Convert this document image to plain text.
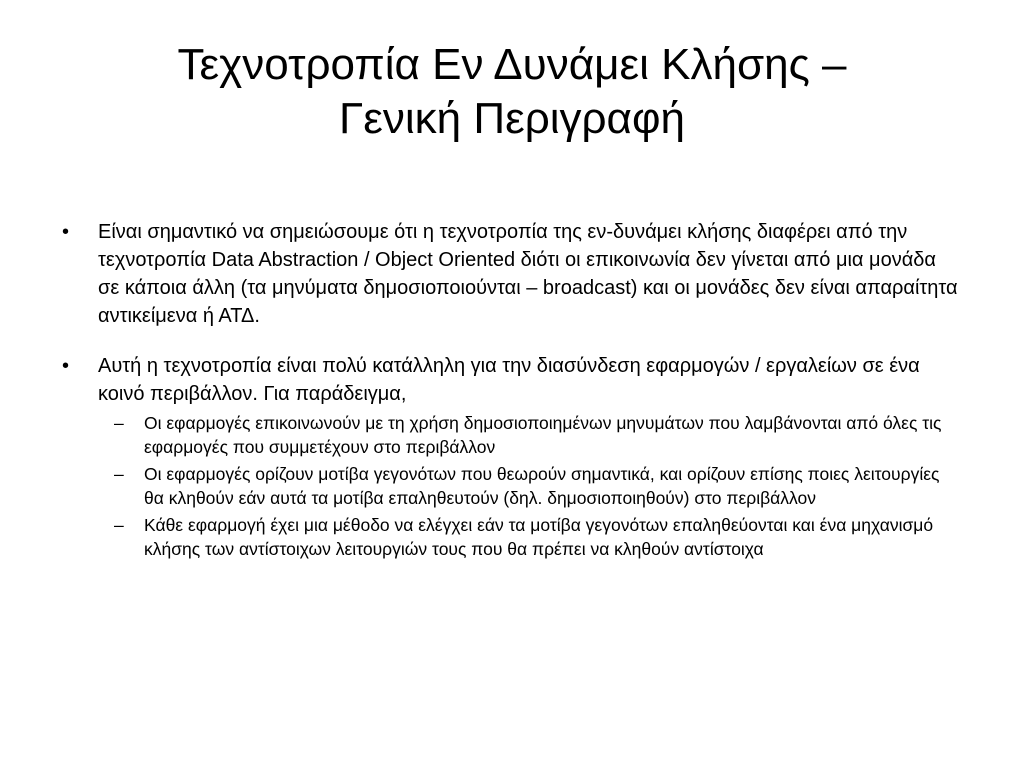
Τεχνοτροπία Εν Δυνάμει Κλήσης –
Γενική Περιγραφή
•	Είναι σημαντικό να σημειώσουμε ότι η τεχνοτροπία της εν-δυνάμει κλήσης διαφέρει από την τεχνοτροπία Data Abstraction / Object Oriented διότι οι επικοινωνία δεν γίνεται από μια μονάδα σε κάποια άλλη (τα μηνύματα δημοσιοποιούνται – broadcast) και οι μονάδες δεν είναι απαραίτητα αντικείμενα ή ΑΤΔ.
•	Αυτή η τεχνοτροπία είναι πολύ κατάλληλη για την διασύνδεση εφαρμογών / εργαλείων σε ένα κοινό περιβάλλον. Για παράδειγμα,
– Οι εφαρμογές επικοινωνούν με τη χρήση δημοσιοποιημένων μηνυμάτων που λαμβάνονται από όλες τις εφαρμογές που συμμετέχουν στο περιβάλλον
– Οι εφαρμογές ορίζουν μοτίβα γεγονότων που θεωρούν σημαντικά, και ορίζουν επίσης ποιες λειτουργίες θα κληθούν εάν αυτά τα μοτίβα επαληθευτούν (δηλ. δημοσιοποιηθούν) στο περιβάλλον
– Κάθε εφαρμογή έχει μια μέθοδο να ελέγχει εάν τα μοτίβα γεγονότων επαληθεύονται και ένα μηχανισμό κλήσης των αντίστοιχων λειτουργιών τους που θα πρέπει να κληθούν αντίστοιχα
